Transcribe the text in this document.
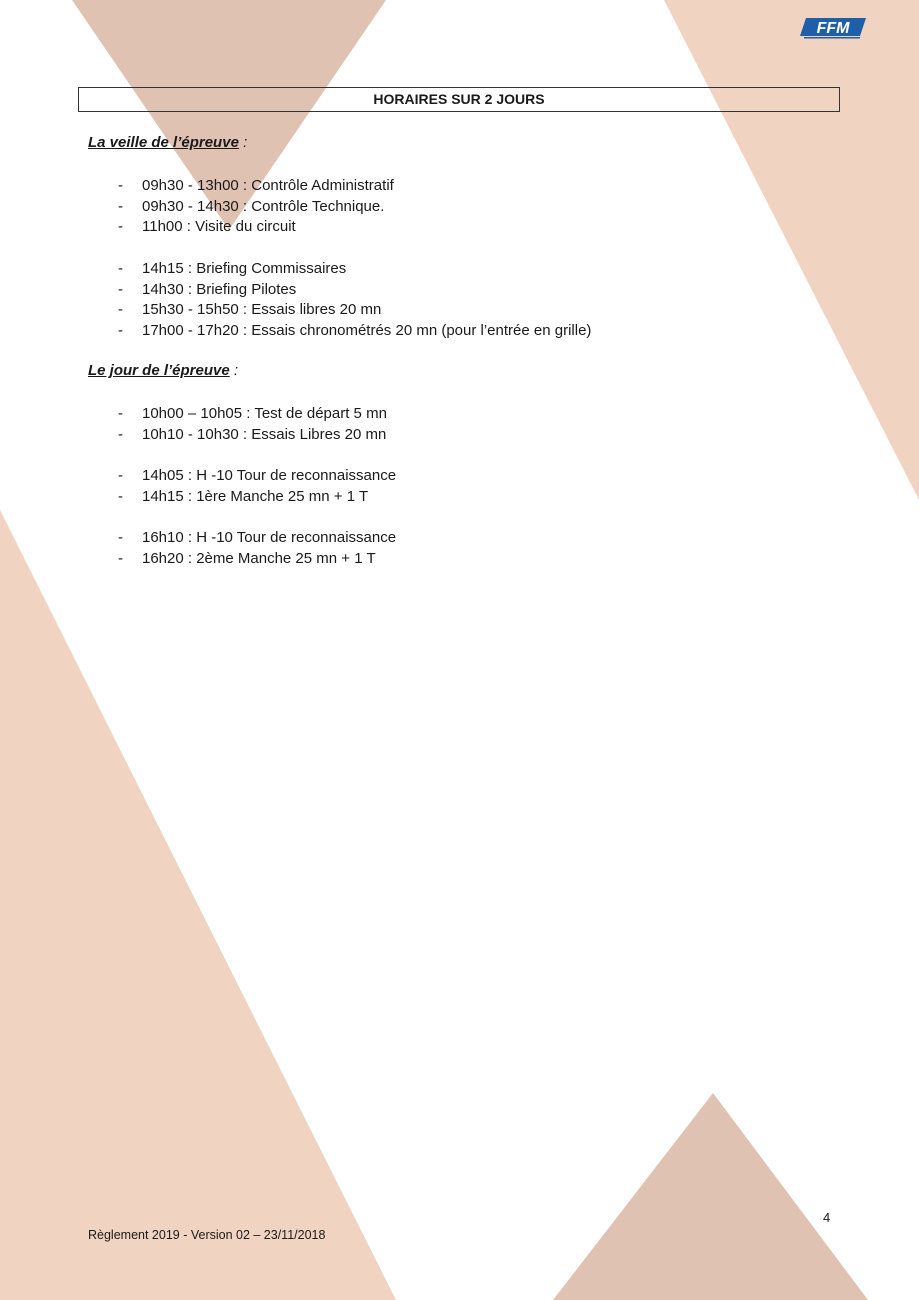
FFM
HORAIRES SUR 2 JOURS
La veille de l’épreuve :
- 09h30 - 13h00 : Contrôle Administratif
- 09h30 - 14h30 : Contrôle Technique.
- 11h00 : Visite du circuit
- 14h15 : Briefing Commissaires
- 14h30 : Briefing Pilotes
- 15h30 - 15h50 : Essais libres 20 mn
- 17h00 - 17h20 : Essais chronométrés 20 mn (pour l’entrée en grille)
Le jour de l’épreuve :
- 10h00 – 10h05 : Test de départ 5 mn
- 10h10 - 10h30 : Essais Libres 20 mn
- 14h05 : H -10 Tour de reconnaissance
- 14h15 : 1ère Manche 25 mn + 1 T
- 16h10 : H -10 Tour de reconnaissance
- 16h20 : 2ème Manche 25 mn + 1 T
4
Règlement 2019 - Version 02 – 23/11/2018
